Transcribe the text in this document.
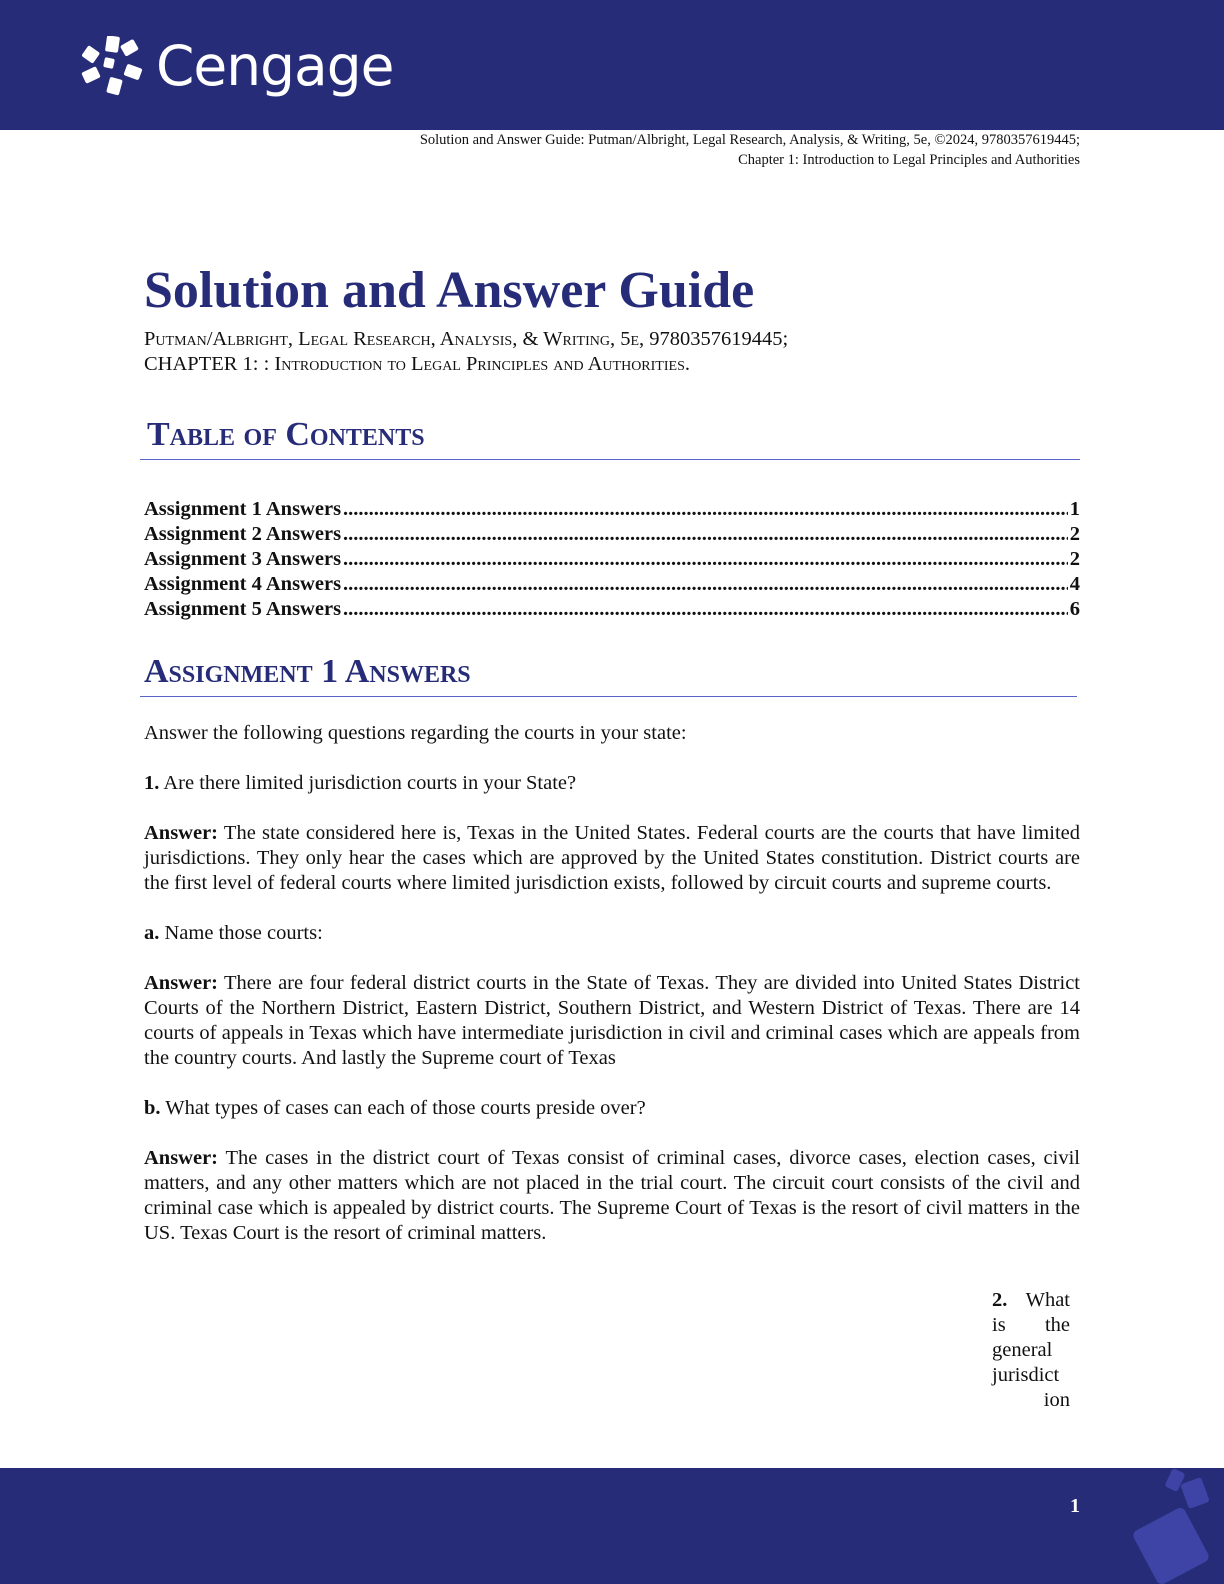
Cengage
Solution and Answer Guide: Putman/Albright, Legal Research, Analysis, & Writing, 5e, ©2024, 9780357619445;
Chapter 1: Introduction to Legal Principles and Authorities
Solution and Answer Guide
Putman/Albright, Legal Research, Analysis, & Writing, 5e, 9780357619445;
CHAPTER 1: : Introduction to Legal Principles and Authorities.
Table of Contents
Assignment 1 Answers .....	1
Assignment 2 Answers .....	2
Assignment 3 Answers .....	2
Assignment 4 Answers .....	4
Assignment 5 Answers .....	6
Assignment 1 Answers

Answer the following questions regarding the courts in your state:

1. Are there limited jurisdiction courts in your State?

Answer: The state considered here is, Texas in the United States. Federal courts are the courts that have limited jurisdictions. They only hear the cases which are approved by the United States constitution. District courts are the first level of federal courts where limited jurisdiction exists, followed by circuit courts and supreme courts.

a. Name those courts:

Answer: There are four federal district courts in the State of Texas. They are divided into United States District Courts of the Northern District, Eastern District, Southern District, and Western District of Texas. There are 14 courts of appeals in Texas which have intermediate jurisdiction in civil and criminal cases which are appeals from the country courts. And lastly the Supreme court of Texas

b. What types of cases can each of those courts preside over?

Answer: The cases in the district court of Texas consist of criminal cases, divorce cases, election cases, civil matters, and any other matters which are not placed in the trial court. The circuit court consists of the civil and criminal case which is appealed by district courts. The Supreme Court of Texas is the resort of civil matters in the US. Texas Court is the resort of criminal matters.

2. What is the general jurisdict
ion
1
